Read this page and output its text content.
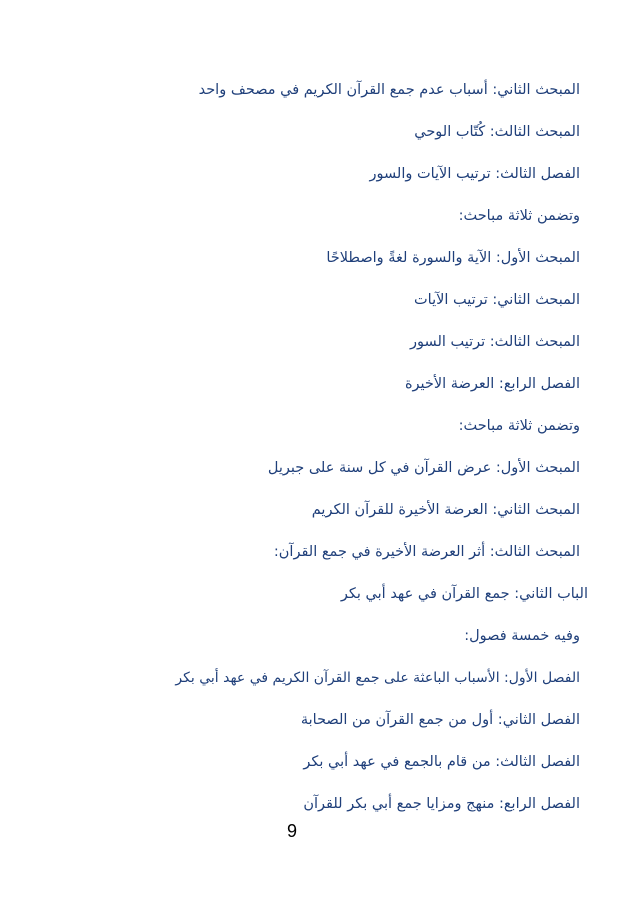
المبحث الثاني: أسباب عدم جمع القرآن الكريم في مصحف واحد
المبحث الثالث: كُتّاب الوحي
الفصل الثالث: ترتيب الآيات والسور
وتضمن ثلاثة مباحث:
المبحث الأول: الآية والسورة لغةً واصطلاحًا
المبحث الثاني: ترتيب الآيات
المبحث الثالث: ترتيب السور
الفصل الرابع: العرضة الأخيرة
وتضمن ثلاثة مباحث:
المبحث الأول: عرض القرآن في كل سنة على جبريل
المبحث الثاني: العرضة الأخيرة للقرآن الكريم
المبحث الثالث: أثر العرضة الأخيرة في جمع القرآن:
الباب الثاني: جمع القرآن في عهد أبي بكر
وفيه خمسة فصول:
الفصل الأول: الأسباب الباعثة على جمع القرآن الكريم في عهد أبي بكر
الفصل الثاني: أول من جمع القرآن من الصحابة
الفصل الثالث: من قام بالجمع في عهد أبي بكر
الفصل الرابع: منهج ومزايا جمع أبي بكر للقرآن
9
